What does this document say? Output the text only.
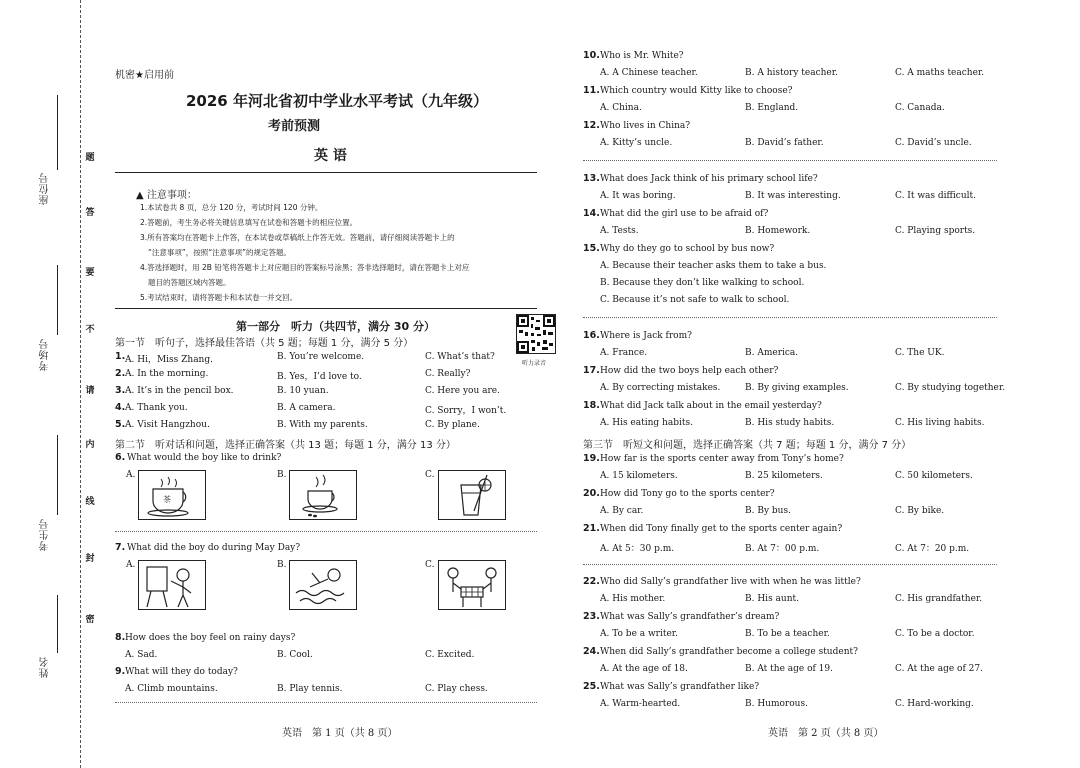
座位号
考场号
考生号
姓名
题
答
要
不
请
内
线
封
密
机密★启用前
2026 年河北省初中学业水平考试（九年级）
考前预测
英 语
▲ 注意事项：
1.本试卷共 8 页，总分 120 分，考试时间 120 分钟。
2.答题前，考生务必将关键信息填写在试卷和答题卡的相应位置。
3.所有答案均在答题卡上作答，在本试卷或草稿纸上作答无效。答题前，请仔细阅读答题卡上的
“注意事项”，按照“注意事项”的规定答题。
4.答选择题时，用 2B 铅笔将答题卡上对应题目的答案标号涂黑；答非选择题时，请在答题卡上对应
题目的答题区域内答题。
5.考试结束时，请将答题卡和本试卷一并交回。
第一部分　听力（共四节，满分 30 分）
听力录音
第一节　听句子，选择最佳答语（共 5 题；每题 1 分，满分 5 分）
1. A. Hi，Miss Zhang.	B. You’re welcome.	C. What’s that?
2. A. In the morning.	B. Yes，I’d love to.	C. Really?
3. A. It’s in the pencil box.	B. 10 yuan.	C. Here you are.
4. A. Thank you.	B. A camera.	C. Sorry，I won’t.
5. A. Visit Hangzhou.	B. With my parents.	C. By plane.
第二节　听对话和问题，选择正确答案（共 13 题；每题 1 分，满分 13 分）
6. What would the boy like to drink?
A.	B.	C.
茶
7. What did the boy do during May Day?
A.	B.	C.
8. How does the boy feel on rainy days?
A. Sad.	B. Cool.	C. Excited.
9. What will they do today?
A. Climb mountains.	B. Play tennis.	C. Play chess.
英语　第 1 页（共 8 页）
10. Who is Mr. White?
A. A Chinese teacher.	B. A history teacher.	C. A maths teacher.
11. Which country would Kitty like to choose?
A. China.	B. England.	C. Canada.
12. Who lives in China?
A. Kitty’s uncle.	B. David’s father.	C. David’s uncle.
13. What does Jack think of his primary school life?
A. It was boring.	B. It was interesting.	C. It was difficult.
14. What did the girl use to be afraid of?
A. Tests.	B. Homework.	C. Playing sports.
15. Why do they go to school by bus now?
A. Because their teacher asks them to take a bus.
B. Because they don’t like walking to school.
C. Because it’s not safe to walk to school.
16. Where is Jack from?
A. France.	B. America.	C. The UK.
17. How did the two boys help each other?
A. By correcting mistakes.	B. By giving examples.	C. By studying together.
18. What did Jack talk about in the email yesterday?
A. His eating habits.	B. His study habits.	C. His living habits.
19. How far is the sports center away from Tony’s home?
A. 15 kilometers.	B. 25 kilometers.	C. 50 kilometers.
20. How did Tony go to the sports center?
A. By car.	B. By bus.	C. By bike.
21. When did Tony finally get to the sports center again?
A. At 5：30 p.m.	B. At 7：00 p.m.	C. At 7：20 p.m.
22. Who did Sally’s grandfather live with when he was little?
A. His mother.	B. His aunt.	C. His grandfather.
23. What was Sally’s grandfather’s dream?
A. To be a writer.	B. To be a teacher.	C. To be a doctor.
24. When did Sally’s grandfather become a college student?
A. At the age of 18.	B. At the age of 19.	C. At the age of 27.
25. What was Sally’s grandfather like?
A. Warm-hearted.	B. Humorous.	C. Hard-working.
第三节　听短文和问题，选择正确答案（共 7 题；每题 1 分，满分 7 分）
英语　第 2 页（共 8 页）
